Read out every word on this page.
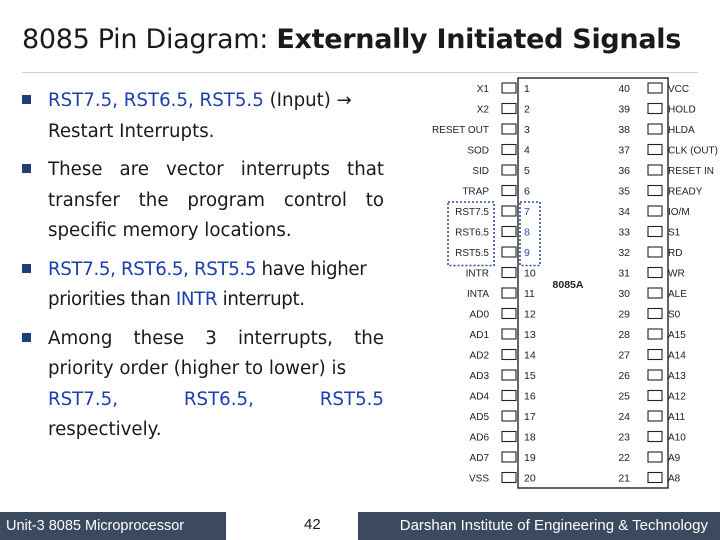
8085 Pin Diagram: Externally Initiated Signals
RST7.5, RST6.5, RST5.5 (Input) →
Restart Interrupts.
These are vector interrupts that transfer the program control to specific memory locations.
RST7.5, RST6.5, RST5.5 have higher priorities than INTR interrupt.
Among these 3 interrupts, the priority order (higher to lower) is
RST7.5,	RST6.5,	RST5.5
respectively.
8085A
X1	1
X2	2
RESET OUT	3
SOD	4
SID	5
TRAP	6
RST7.5	7
RST6.5	8
RST5.5	9
INTR	10
INTA	11
AD0	12
AD1	13
AD2	14
AD3	15
AD4	16
AD5	17
AD6	18
AD7	19
VSS	20
40	VCC
39	HOLD
38	HLDA
37	CLK (OUT)
36	RESET IN
35	READY
34	IO/M
33	S1
32	RD
31	WR
30	ALE
29	S0
28	A15
27	A14
26	A13
25	A12
24	A11
23	A10
22	A9
21	A8
Unit-3 8085 Microprocessor	42	Darshan Institute of Engineering & Technology
